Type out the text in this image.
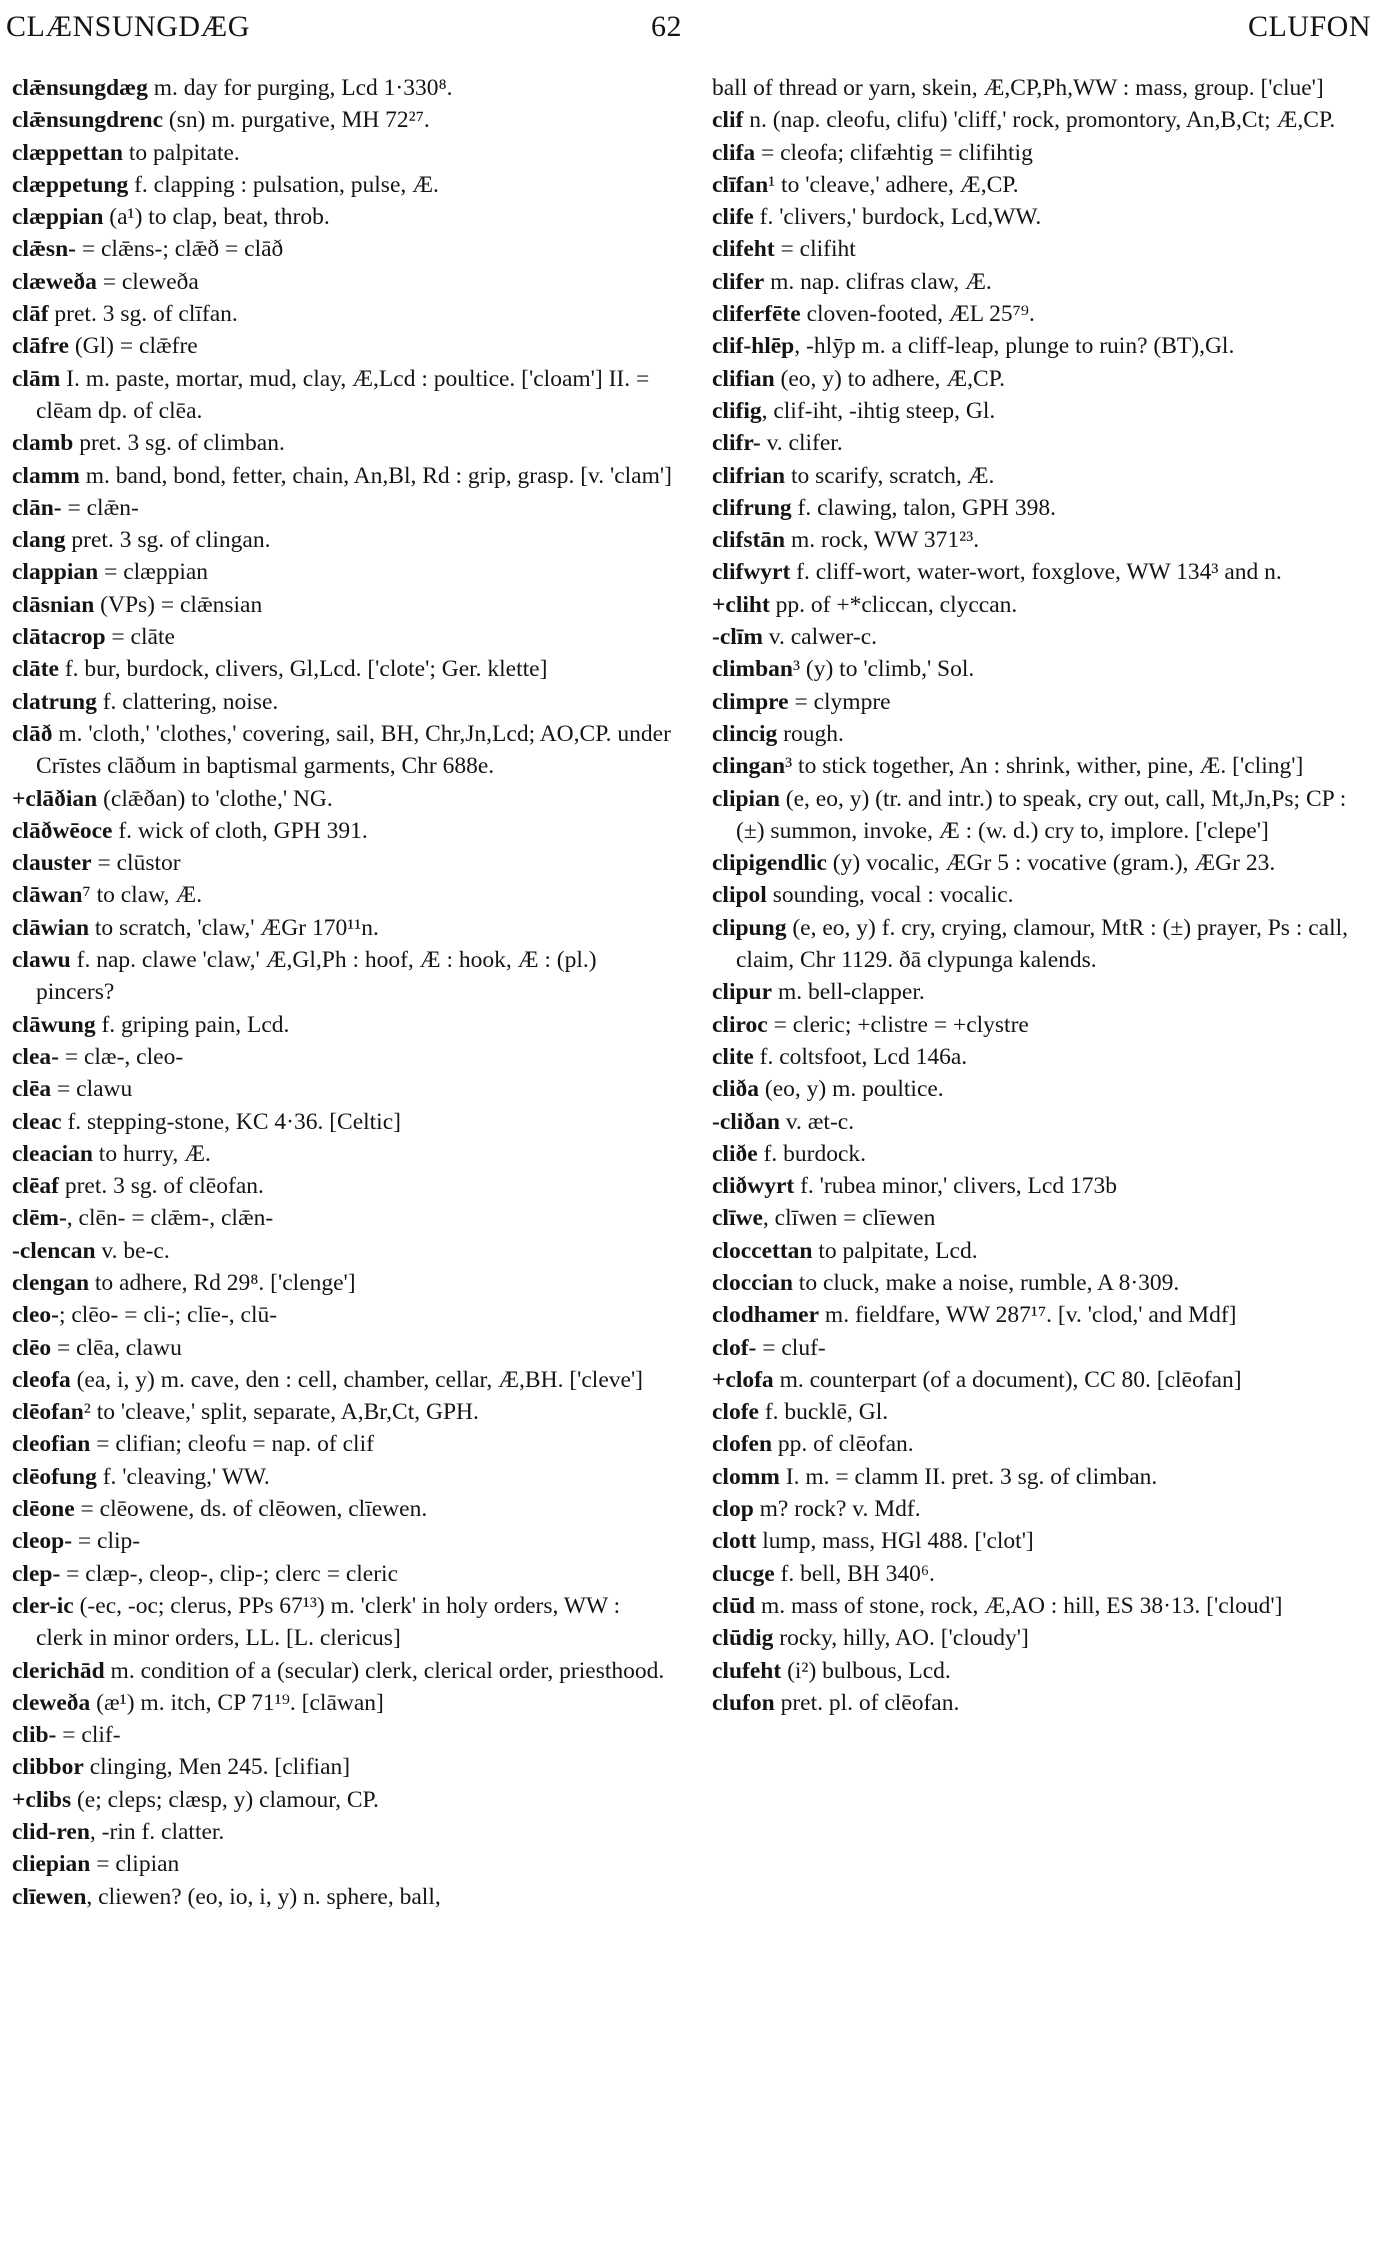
CLÆNSUNGDÆG	62	CLUFON
clǣnsungdæg m. day for purging, Lcd 1·330⁸.
clǣnsungdrenc (sn) m. purgative, MH 72²⁷.
clæppettan to palpitate.
clæppetung f. clapping : pulsation, pulse, Æ.
clæppian (a¹) to clap, beat, throb.
clǣsn- = clǣns-; clǣð = clāð
clæweða = cleweða
clāf pret. 3 sg. of clīfan.
clāfre (Gl) = clǣfre
clām I. m. paste, mortar, mud, clay, Æ,Lcd : poultice. ['cloam'] II. = clēam dp. of clēa.
clamb pret. 3 sg. of climban.
clamm m. band, bond, fetter, chain, An,Bl, Rd : grip, grasp. [v. 'clam']
clān- = clǣn-
clang pret. 3 sg. of clingan.
clappian = clæppian
clāsnian (VPs) = clǣnsian
clātacrop = clāte
clāte f. bur, burdock, clivers, Gl,Lcd. ['clote'; Ger. klette]
clatrung f. clattering, noise.
clāð m. 'cloth,' 'clothes,' covering, sail, BH, Chr,Jn,Lcd; AO,CP. under Crīstes clāðum in baptismal garments, Chr 688e.
+clāðian (clǣðan) to 'clothe,' NG.
clāðwēoce f. wick of cloth, GPH 391.
clauster = clūstor
clāwan⁷ to claw, Æ.
clāwian to scratch, 'claw,' ÆGr 170¹¹n.
clawu f. nap. clawe 'claw,' Æ,Gl,Ph : hoof, Æ : hook, Æ : (pl.) pincers?
clāwung f. griping pain, Lcd.
clea- = clæ-, cleo-
clēa = clawu
cleac f. stepping-stone, KC 4·36. [Celtic]
cleacian to hurry, Æ.
clēaf pret. 3 sg. of clēofan.
clēm-, clēn- = clǣm-, clǣn-
-clencan v. be-c.
clengan to adhere, Rd 29⁸. ['clenge']
cleo-; clēo- = cli-; clīe-, clū-
clēo = clēa, clawu
cleofa (ea, i, y) m. cave, den : cell, chamber, cellar, Æ,BH. ['cleve']
clēofan² to 'cleave,' split, separate, A,Br,Ct, GPH.
cleofian = clifian; cleofu = nap. of clif
clēofung f. 'cleaving,' WW.
clēone = clēowene, ds. of clēowen, clīewen.
cleop- = clip-
clep- = clæp-, cleop-, clip-; clerc = cleric
cler-ic (-ec, -oc; clerus, PPs 67¹³) m. 'clerk' in holy orders, WW : clerk in minor orders, LL. [L. clericus]
clerichād m. condition of a (secular) clerk, clerical order, priesthood.
cleweða (æ¹) m. itch, CP 71¹⁹. [clāwan]
clib- = clif-
clibbor clinging, Men 245. [clifian]
+clibs (e; cleps; clæsp, y) clamour, CP.
clid-ren, -rin f. clatter.
cliepian = clipian
clīewen, cliewen? (eo, io, i, y) n. sphere, ball,
ball of thread or yarn, skein, Æ,CP,Ph,WW : mass, group. ['clue']
clif n. (nap. cleofu, clifu) 'cliff,' rock, promontory, An,B,Ct; Æ,CP.
clifa = cleofa; clifæhtig = clifihtig
clīfan¹ to 'cleave,' adhere, Æ,CP.
clife f. 'clivers,' burdock, Lcd,WW.
clifeht = clifiht
clifer m. nap. clifras claw, Æ.
cliferfēte cloven-footed, ÆL 25⁷⁹.
clif-hlēp, -hlȳp m. a cliff-leap, plunge to ruin? (BT),Gl.
clifian (eo, y) to adhere, Æ,CP.
clifig, clif-iht, -ihtig steep, Gl.
clifr- v. clifer.
clifrian to scarify, scratch, Æ.
clifrung f. clawing, talon, GPH 398.
clifstān m. rock, WW 371²³.
clifwyrt f. cliff-wort, water-wort, foxglove, WW 134³ and n.
+cliht pp. of +*cliccan, clyccan.
-clīm v. calwer-c.
climban³ (y) to 'climb,' Sol.
climpre = clympre
clincig rough.
clingan³ to stick together, An : shrink, wither, pine, Æ. ['cling']
clipian (e, eo, y) (tr. and intr.) to speak, cry out, call, Mt,Jn,Ps; CP : (±) summon, invoke, Æ : (w. d.) cry to, implore. ['clepe']
clipigendlic (y) vocalic, ÆGr 5 : vocative (gram.), ÆGr 23.
clipol sounding, vocal : vocalic.
clipung (e, eo, y) f. cry, crying, clamour, MtR : (±) prayer, Ps : call, claim, Chr 1129. ðā clypunga kalends.
clipur m. bell-clapper.
cliroc = cleric; +clistre = +clystre
clite f. coltsfoot, Lcd 146a.
cliða (eo, y) m. poultice.
-cliðan v. æt-c.
cliðe f. burdock.
cliðwyrt f. 'rubea minor,' clivers, Lcd 173b
clīwe, clīwen = clīewen
cloccettan to palpitate, Lcd.
cloccian to cluck, make a noise, rumble, A 8·309.
clodhamer m. fieldfare, WW 287¹⁷. [v. 'clod,' and Mdf]
clof- = cluf-
+clofa m. counterpart (of a document), CC 80. [clēofan]
clofe f. bucklē, Gl.
clofen pp. of clēofan.
clomm I. m. = clamm II. pret. 3 sg. of climban.
clop m? rock? v. Mdf.
clott lump, mass, HGl 488. ['clot']
clucge f. bell, BH 340⁶.
clūd m. mass of stone, rock, Æ,AO : hill, ES 38·13. ['cloud']
clūdig rocky, hilly, AO. ['cloudy']
clufeht (i²) bulbous, Lcd.
clufon pret. pl. of clēofan.
